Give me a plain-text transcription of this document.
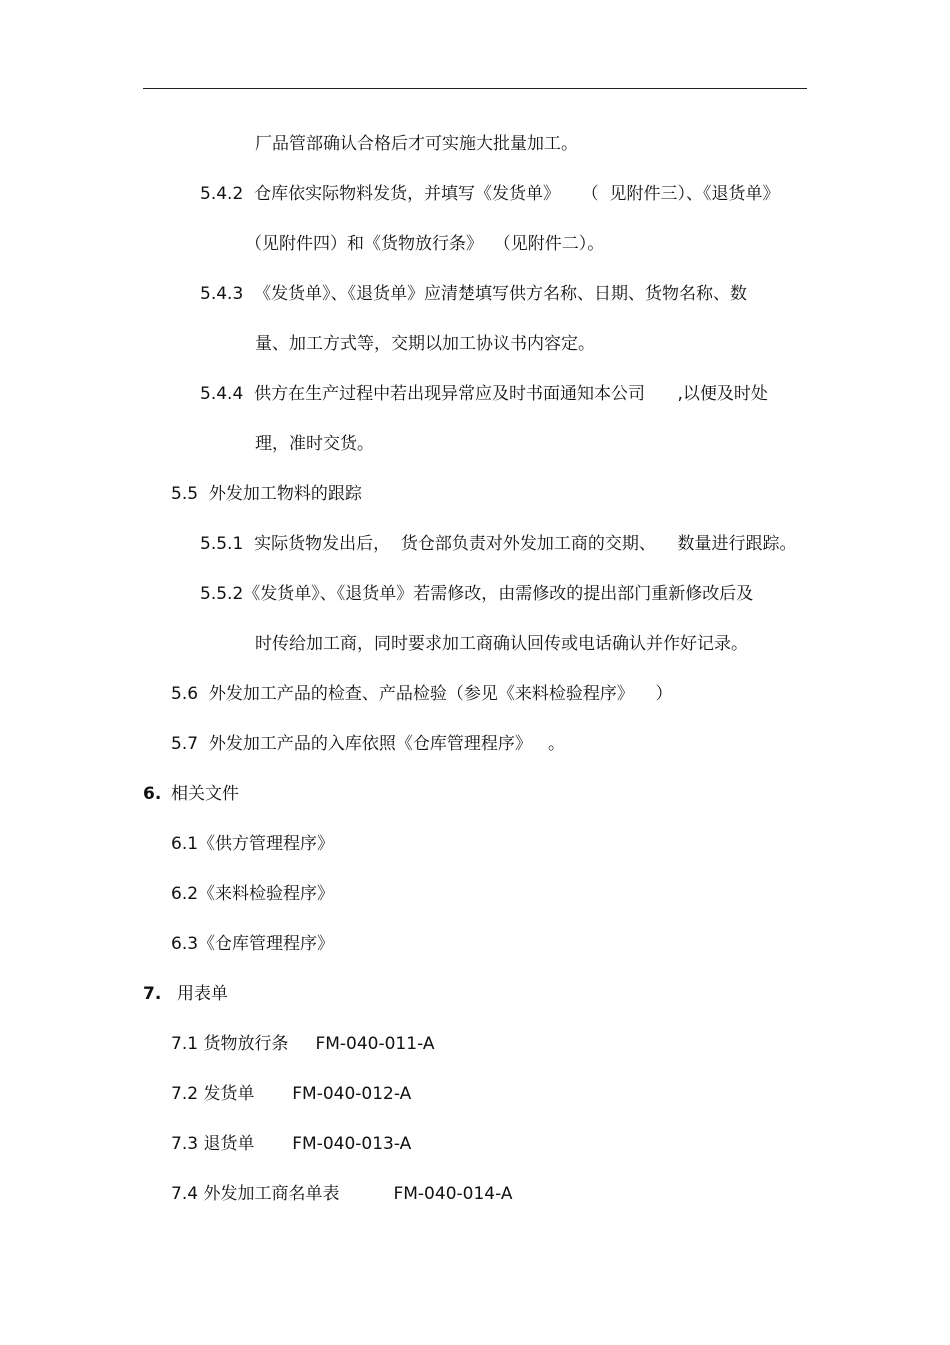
厂品管部确认合格后才可实施大批量加工。
5.4.2  仓库依实际物料发货，并填写《发货单》    （  见附件三）、《退货单》
（见附件四）和《货物放行条》  （见附件二）。
5.4.3  《发货单》、《退货单》应清楚填写供方名称、日期、货物名称、数
量、加工方式等，交期以加工协议书内容定。
5.4.4  供方在生产过程中若出现异常应及时书面通知本公司      ,以便及时处
理，准时交货。
5.5  外发加工物料的跟踪
5.5.1  实际货物发出后，  货仓部负责对外发加工商的交期、    数量进行跟踪。
5.5.2《发货单》、《退货单》若需修改，由需修改的提出部门重新修改后及
时传给加工商，同时要求加工商确认回传或电话确认并作好记录。
5.6  外发加工产品的检查、产品检验（参见《来料检验程序》    ）
5.7  外发加工产品的入库依照《仓库管理程序》   。
6. 相关文件
6.1《供方管理程序》
6.2《来料检验程序》
6.3《仓库管理程序》
7. 用表单
7.1 货物放行条     FM-040-011-A
7.2 发货单       FM-040-012-A
7.3 退货单       FM-040-013-A
7.4 外发加工商名单表          FM-040-014-A
